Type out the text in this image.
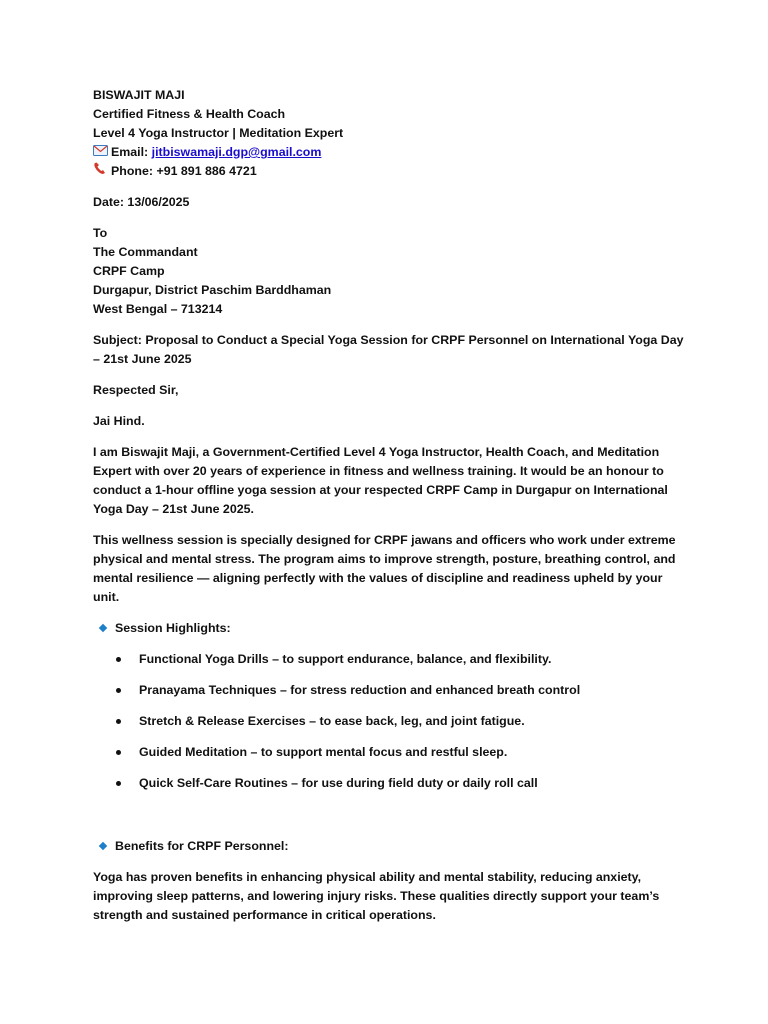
BISWAJIT MAJI
Certified Fitness & Health Coach
Level 4 Yoga Instructor | Meditation Expert
Email: jitbiswamaji.dgp@gmail.com
Phone: +91 891 886 4721
Date: 13/06/2025
To
The Commandant
CRPF Camp
Durgapur, District Paschim Barddhaman
West Bengal – 713214
Subject: Proposal to Conduct a Special Yoga Session for CRPF Personnel on International Yoga Day
– 21st June 2025
Respected Sir,
Jai Hind.
I am Biswajit Maji, a Government-Certified Level 4 Yoga Instructor, Health Coach, and Meditation
Expert with over 20 years of experience in fitness and wellness training. It would be an honour to
conduct a 1-hour offline yoga session at your respected CRPF Camp in Durgapur on International
Yoga Day – 21st June 2025.
This wellness session is specially designed for CRPF jawans and officers who work under extreme
physical and mental stress. The program aims to improve strength, posture, breathing control, and
mental resilience — aligning perfectly with the values of discipline and readiness upheld by your
unit.
Session Highlights:
Functional Yoga Drills – to support endurance, balance, and flexibility.
Pranayama Techniques – for stress reduction and enhanced breath control
Stretch & Release Exercises – to ease back, leg, and joint fatigue.
Guided Meditation – to support mental focus and restful sleep.
Quick Self-Care Routines – for use during field duty or daily roll call
Benefits for CRPF Personnel:
Yoga has proven benefits in enhancing physical ability and mental stability, reducing anxiety,
improving sleep patterns, and lowering injury risks. These qualities directly support your team’s
strength and sustained performance in critical operations.
